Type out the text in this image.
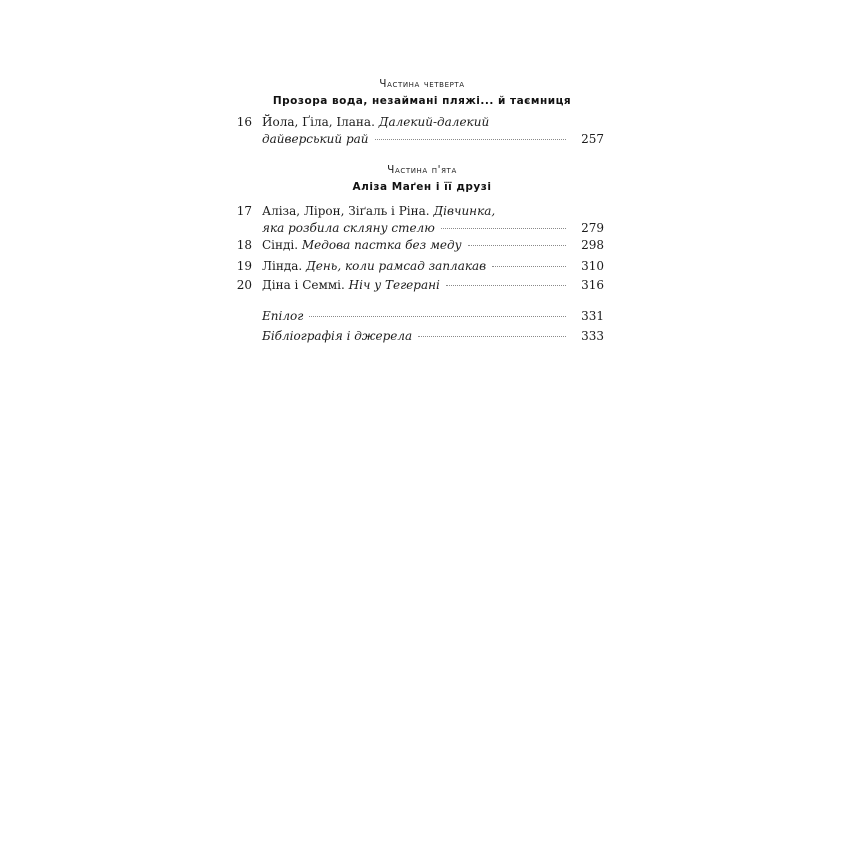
Частина четверта
Прозора вода, незаймані пляжі... й таємниця
16 Йола, Ґіла, Ілана.
Далекий-далекий
дайверський рай	257
Частина п'ята
Аліза Маґен і її друзі
17 Аліза, Лірон, Зіґаль і Ріна.
Дівчинка,
яка розбила скляну стелю	279
18 Сінді.
Медова пастка без меду	298
19 Лінда.
День, коли рамсад заплакав	310
20 Діна і Семмі.
Ніч у Тегерані	316
Епілог	331
Бібліографія і джерела	333
